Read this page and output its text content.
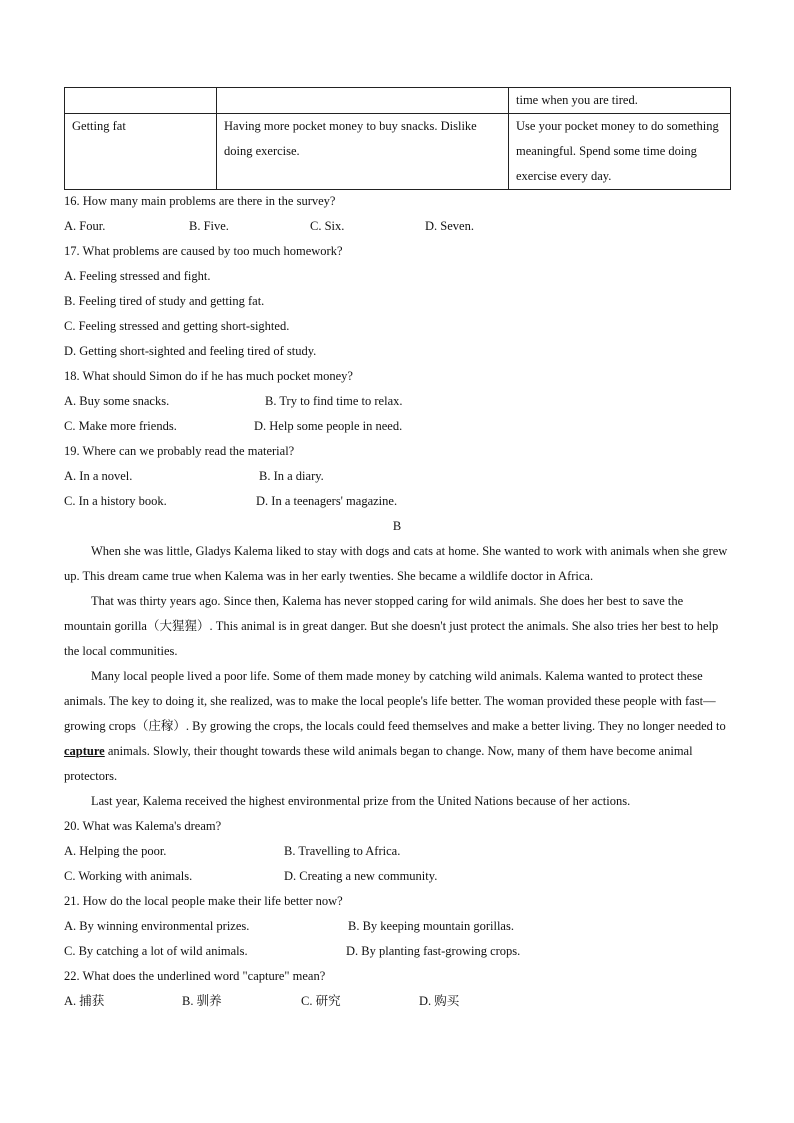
		time when you are tired.
Getting fat	Having more pocket money to buy snacks. Dislike doing exercise.	Use your pocket money to do something meaningful. Spend some time doing exercise every day.
16. How many main problems are there in the survey?
A. Four.	B. Five.	C. Six.	D. Seven.
17. What problems are caused by too much homework?
A. Feeling stressed and fight.
B. Feeling tired of study and getting fat.
C. Feeling stressed and getting short-sighted.
D. Getting short-sighted and feeling tired of study.
18. What should Simon do if he has much pocket money?
A. Buy some snacks.	B. Try to find time to relax.
C. Make more friends.	D. Help some people in need.
19. Where can we probably read the material?
A. In a novel.	B. In a diary.
C. In a history book.	D. In a teenagers' magazine.
B

When she was little, Gladys Kalema liked to stay with dogs and cats at home. She wanted to work with animals when she grew up. This dream came true when Kalema was in her early twenties. She became a wildlife doctor in Africa.

That was thirty years ago. Since then, Kalema has never stopped caring for wild animals. She does her best to save the mountain gorilla（大猩猩）. This animal is in great danger. But she doesn't just protect the animals. She also tries her best to help the local communities.

Many local people lived a poor life. Some of them made money by catching wild animals. Kalema wanted to protect these animals. The key to doing it, she realized, was to make the local people's life better. The woman provided these people with fast—growing crops（庄稼）. By growing the crops, the locals could feed themselves and make a better living. They no longer needed to capture animals. Slowly, their thought towards these wild animals began to change. Now, many of them have become animal protectors.

Last year, Kalema received the highest environmental prize from the United Nations because of her actions.

20. What was Kalema's dream?
A. Helping the poor.	B. Travelling to Africa.
C. Working with animals.	D. Creating a new community.
21. How do the local people make their life better now?
A. By winning environmental prizes.	B. By keeping mountain gorillas.
C. By catching a lot of wild animals.	D. By planting fast-growing crops.
22. What does the underlined word "capture" mean?
A. 捕获	B. 驯养	C. 研究	D. 购买
